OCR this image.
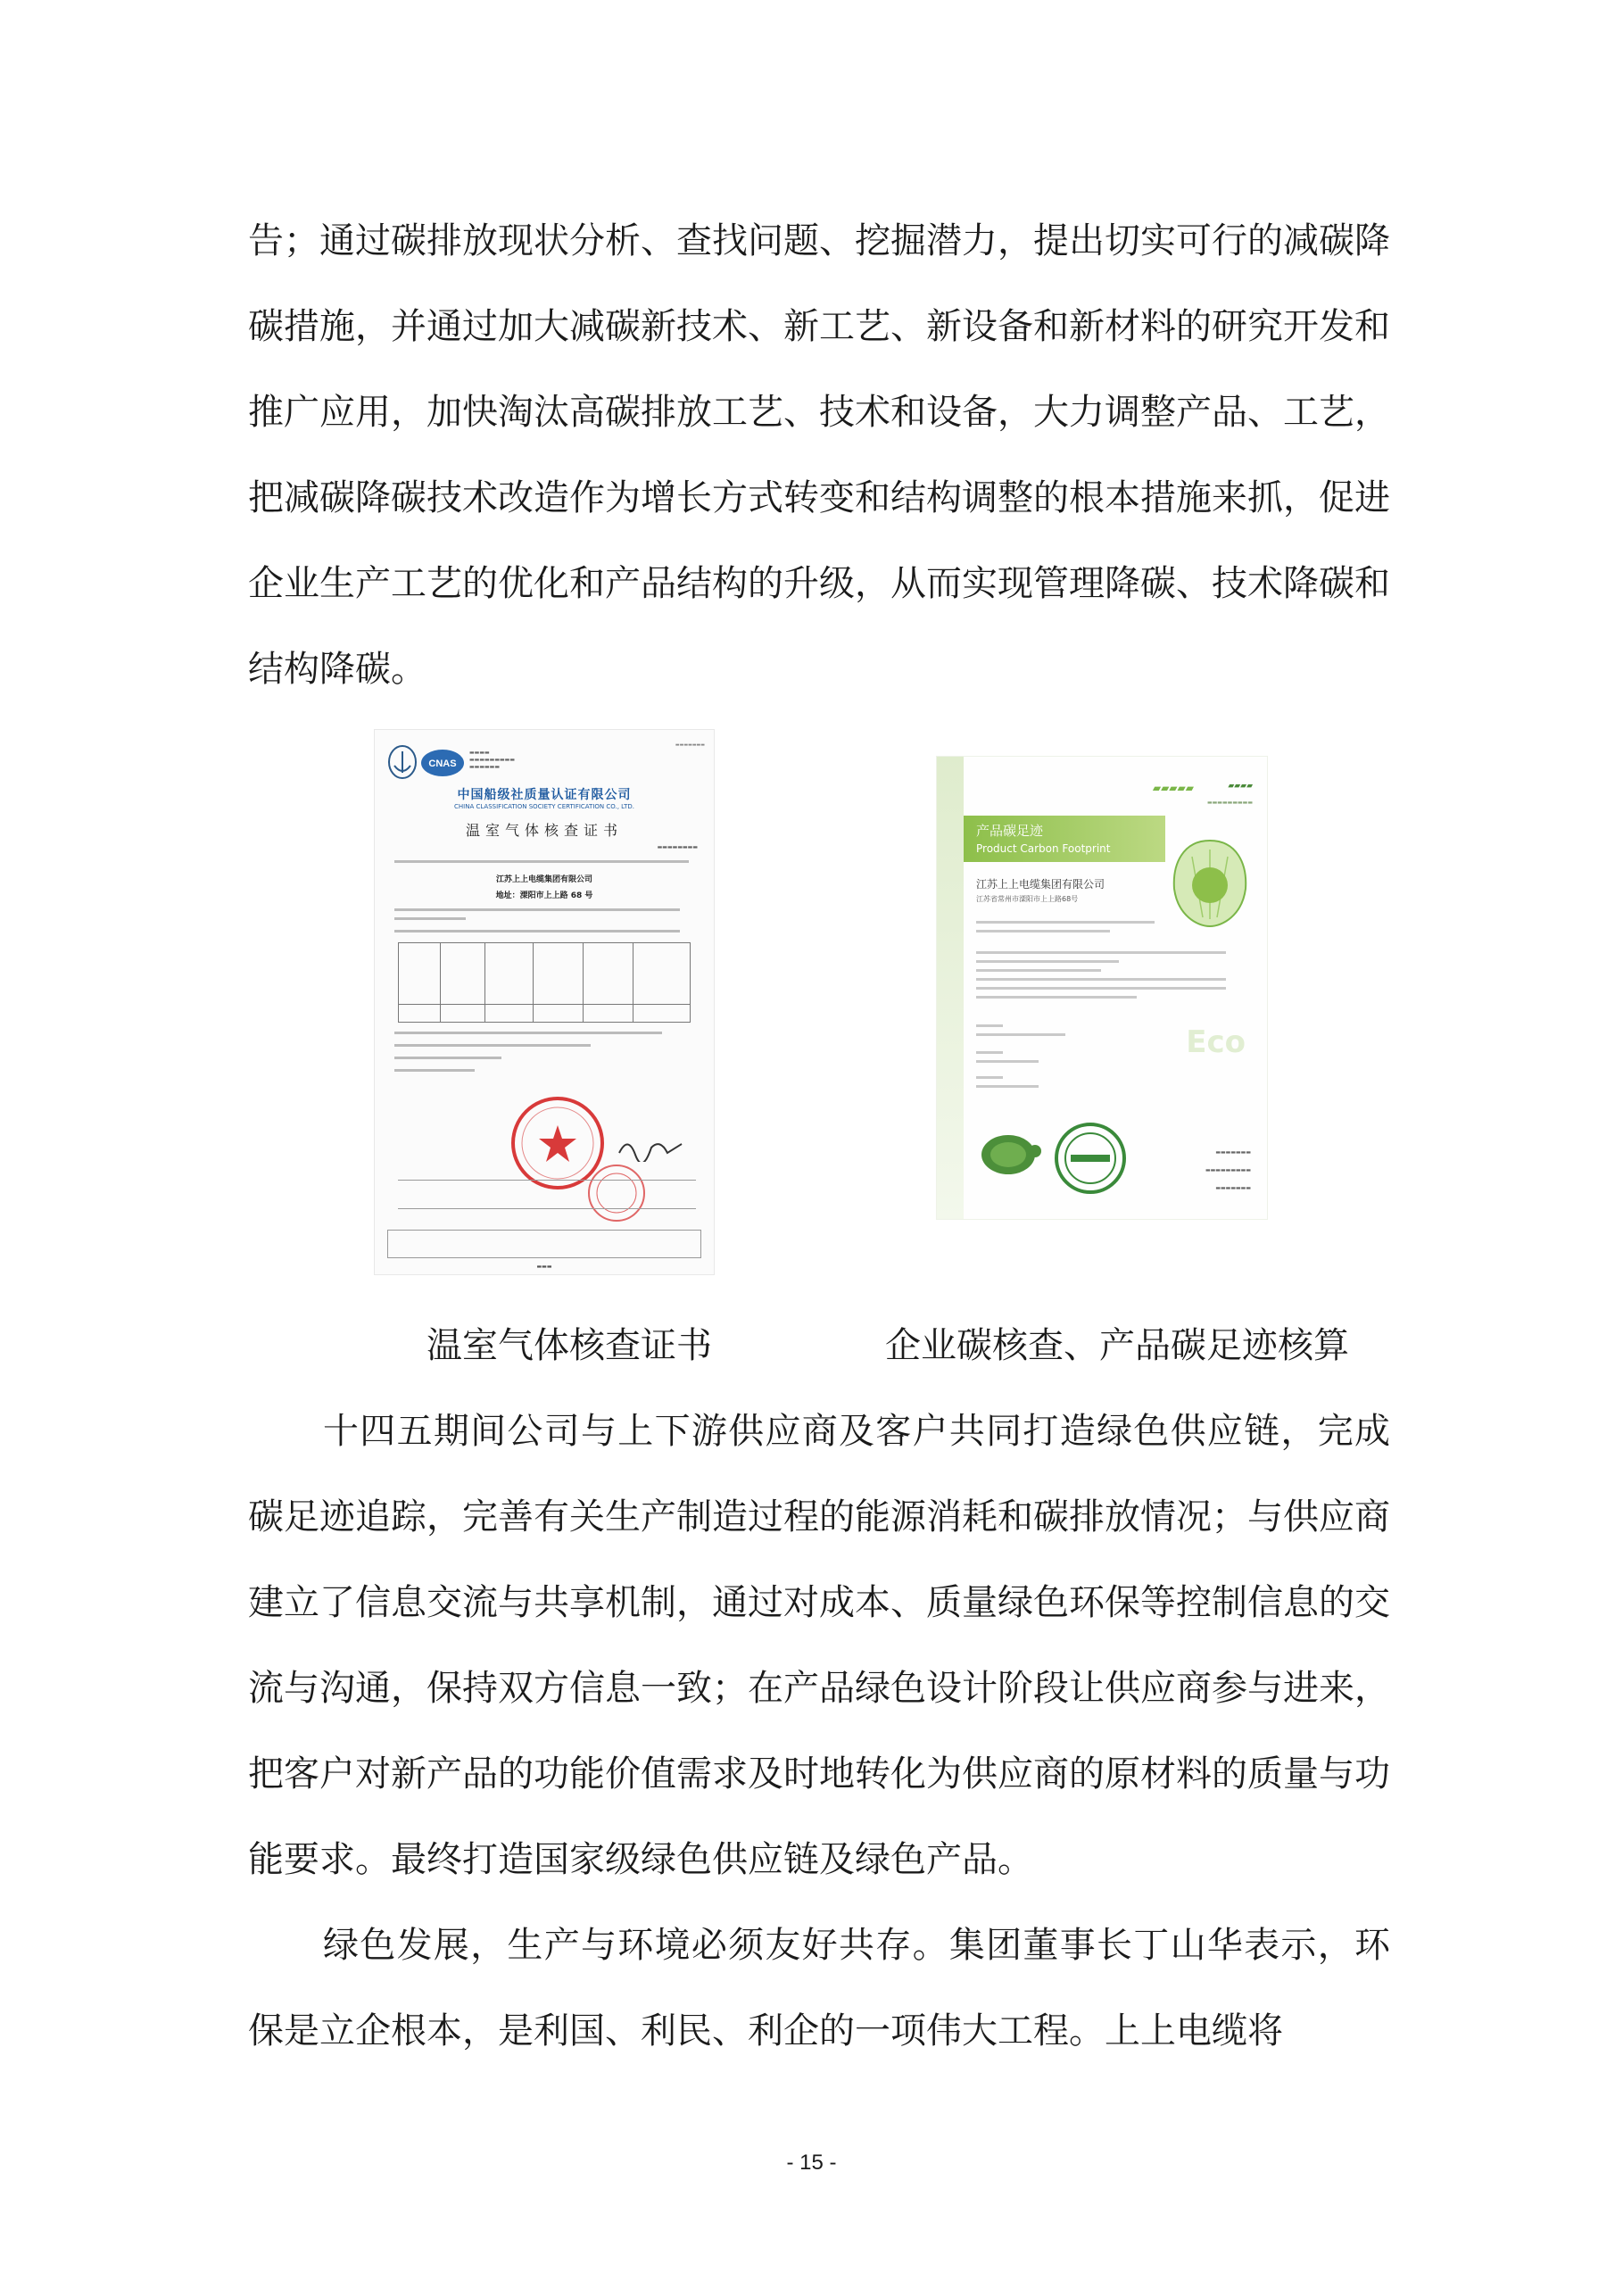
告；通过碳排放现状分析、查找问题、挖掘潜力，提出切实可行的减碳降碳措施，并通过加大减碳新技术、新工艺、新设备和新材料的研究开发和推广应用，加快淘汰高碳排放工艺、技术和设备，大力调整产品、工艺，把减碳降碳技术改造作为增长方式转变和结构调整的根本措施来抓，促进企业生产工艺的优化和产品结构的升级，从而实现管理降碳、技术降碳和结构降碳。

CNAS
▬▬▬▬
▬▬▬▬▬▬▬▬▬
▬▬▬▬▬▬
▬▬▬▬▬▬▬
中国船级社质量认证有限公司
CHINA CLASSIFICATION SOCIETY CERTIFICATION CO., LTD.
温室气体核查证书
▬▬▬▬▬▬▬▬
江苏上上电缆集团有限公司
地址：溧阳市上上路 68 号
▬▬▬
▰▰▰▰▰	▰▰▰▰
▬▬▬▬▬▬▬▬▬
产品碳足迹
Product Carbon Footprint
江苏上上电缆集团有限公司
江苏省常州市溧阳市上上路68号
Eco
▬▬▬▬▬▬▬
▬▬▬▬▬▬▬▬▬
▬▬▬▬▬▬▬
温室气体核查证书	企业碳核查、产品碳足迹核算

十四五期间公司与上下游供应商及客户共同打造绿色供应链，完成碳足迹追踪，完善有关生产制造过程的能源消耗和碳排放情况；与供应商建立了信息交流与共享机制，通过对成本、质量绿色环保等控制信息的交流与沟通，保持双方信息一致；在产品绿色设计阶段让供应商参与进来，把客户对新产品的功能价值需求及时地转化为供应商的原材料的质量与功能要求。最终打造国家级绿色供应链及绿色产品。

绿色发展，生产与环境必须友好共存。集团董事长丁山华表示，环保是立企根本，是利国、利民、利企的一项伟大工程。上上电缆将

- 15 -
